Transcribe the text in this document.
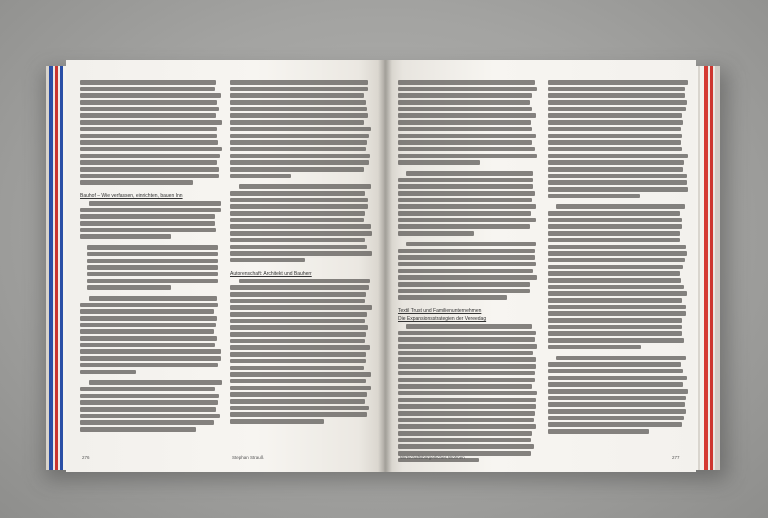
Bauhof – Wie verfassen, einrichten, bauen Inn
Autorenschaft: Architekt und Bauherr
Textil Trust und Familienunternehmen
Die Expansionsstrategien der Vereedag
276	Stephan Strauß	Wirtschaftsbürgerliches Wohnen	277
